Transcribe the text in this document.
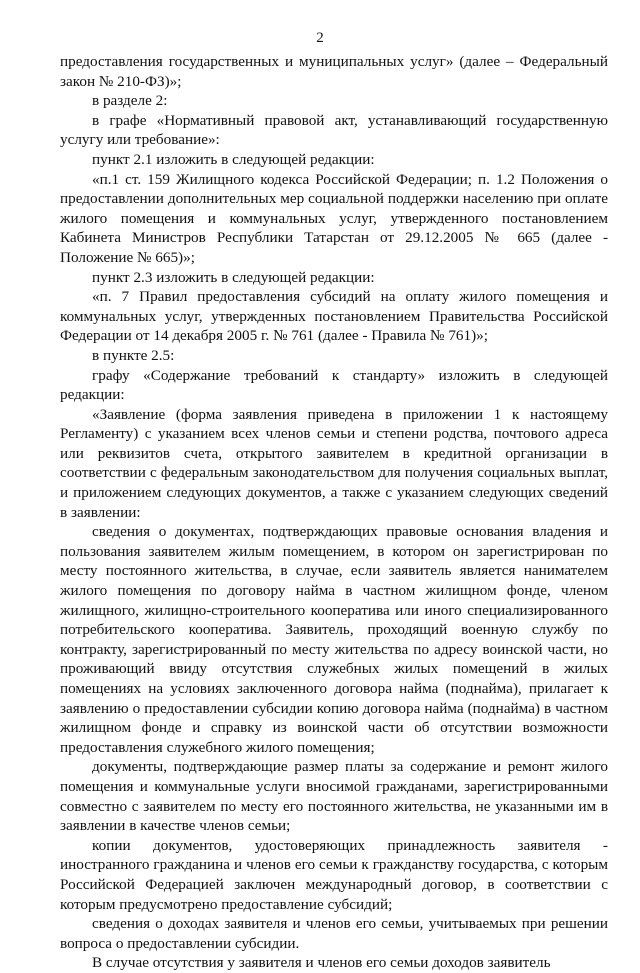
2

предоставления государственных и муниципальных услуг» (далее – Федеральный закон № 210-ФЗ)»;

в разделе 2:

в графе «Нормативный правовой акт, устанавливающий государственную услугу или требование»:

пункт 2.1 изложить в следующей редакции:

«п.1 ст. 159 Жилищного кодекса Российской Федерации; п. 1.2 Положения о предоставлении дополнительных мер социальной поддержки населению при оплате жилого помещения и коммунальных услуг, утвержденного постановлением Кабинета Министров Республики Татарстан от 29.12.2005 № 665 (далее - Положение № 665)»;

пункт 2.3 изложить в следующей редакции:

«п. 7 Правил предоставления субсидий на оплату жилого помещения и коммунальных услуг, утвержденных постановлением Правительства Российской Федерации от 14 декабря 2005 г. № 761 (далее - Правила № 761)»;

в пункте 2.5:

графу «Содержание требований к стандарту» изложить в следующей редакции:

«Заявление (форма заявления приведена в приложении 1 к настоящему Регламенту) с указанием всех членов семьи и степени родства, почтового адреса или реквизитов счета, открытого заявителем в кредитной организации в соответствии с федеральным законодательством для получения социальных выплат, и приложением следующих документов, а также с указанием следующих сведений в заявлении:

сведения о документах, подтверждающих правовые основания владения и пользования заявителем жилым помещением, в котором он зарегистрирован по месту постоянного жительства, в случае, если заявитель является нанимателем жилого помещения по договору найма в частном жилищном фонде, членом жилищного, жилищно-строительного кооператива или иного специализированного потребительского кооператива. Заявитель, проходящий военную службу по контракту, зарегистрированный по месту жительства по адресу воинской части, но проживающий ввиду отсутствия служебных жилых помещений в жилых помещениях на условиях заключенного договора найма (поднайма), прилагает к заявлению о предоставлении субсидии копию договора найма (поднайма) в частном жилищном фонде и справку из воинской части об отсутствии возможности предоставления служебного жилого помещения;

документы, подтверждающие размер платы за содержание и ремонт жилого помещения и коммунальные услуги вносимой гражданами, зарегистрированными совместно с заявителем по месту его постоянного жительства, не указанными им в заявлении в качестве членов семьи;

копии документов, удостоверяющих принадлежность заявителя - иностранного гражданина и членов его семьи к гражданству государства, с которым Российской Федерацией заключен международный договор, в соответствии с которым предусмотрено предоставление субсидий;

сведения о доходах заявителя и членов его семьи, учитываемых при решении вопроса о предоставлении субсидии.

В случае отсутствия у заявителя и членов его семьи доходов заявитель
